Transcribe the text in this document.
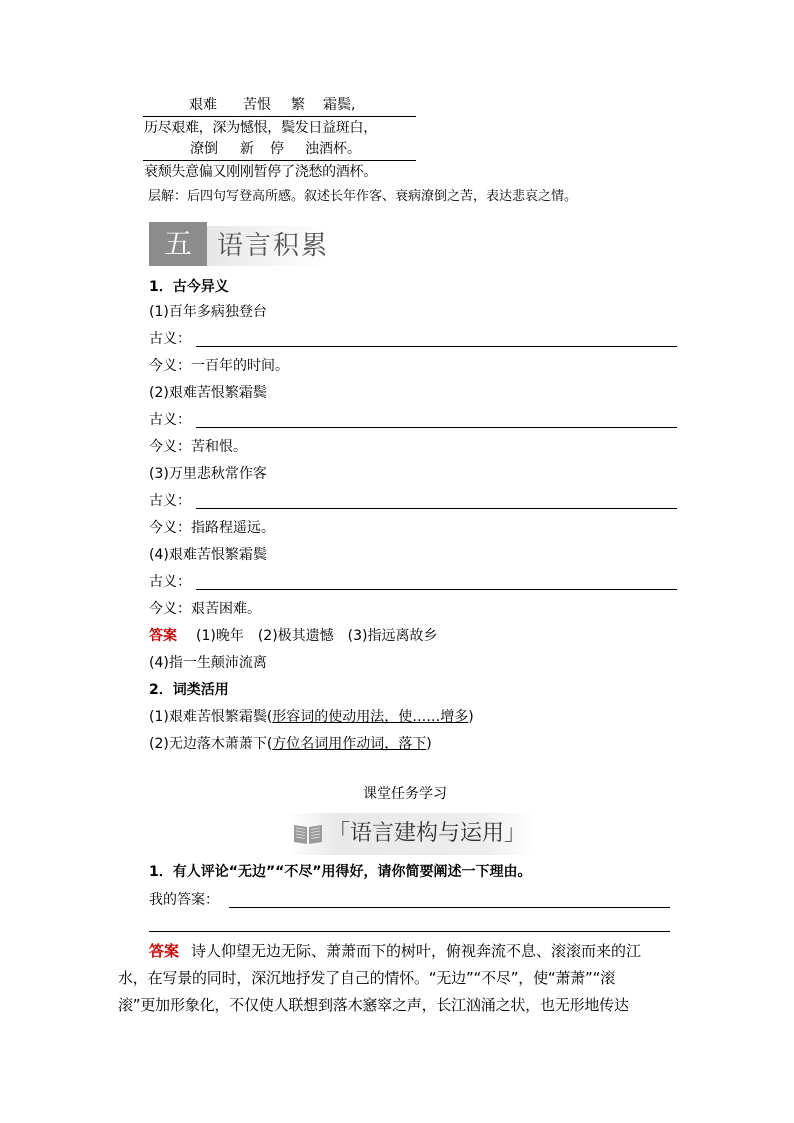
艰难 苦恨 繁 霜鬓,
历尽艰难，深为憾恨，鬓发日益斑白，
潦倒 新 停 浊酒杯。
衰颓失意偏又刚刚暂停了浇愁的酒杯。
层解：后四句写登高所感。叙述长年作客、衰病潦倒之苦，表达悲哀之情。
五 语言积累
1．古今异义
(1)百年多病独登台
古义：
今义：一百年的时间。
(2)艰难苦恨繁霜鬓
古义：
今义：苦和恨。
(3)万里悲秋常作客
古义：
今义：指路程遥远。
(4)艰难苦恨繁霜鬓
古义：
今义：艰苦困难。
答案 (1)晚年　(2)极其遗憾　(3)指远离故乡
(4)指一生颠沛流离
2．词类活用
(1)艰难苦恨繁霜鬓(形容词的使动用法，使……增多)
(2)无边落木萧萧下(方位名词用作动词，落下)
课堂任务学习
「语言建构与运用」
1．有人评论“无边”“不尽”用得好，请你简要阐述一下理由。
我的答案：
答案 诗人仰望无边无际、萧萧而下的树叶，俯视奔流不息、滚滚而来的江
水，在写景的同时，深沉地抒发了自己的情怀。“无边”“不尽”，使“萧萧”“滚
滚”更加形象化，不仅使人联想到落木窸窣之声，长江汹涌之状，也无形地传达
